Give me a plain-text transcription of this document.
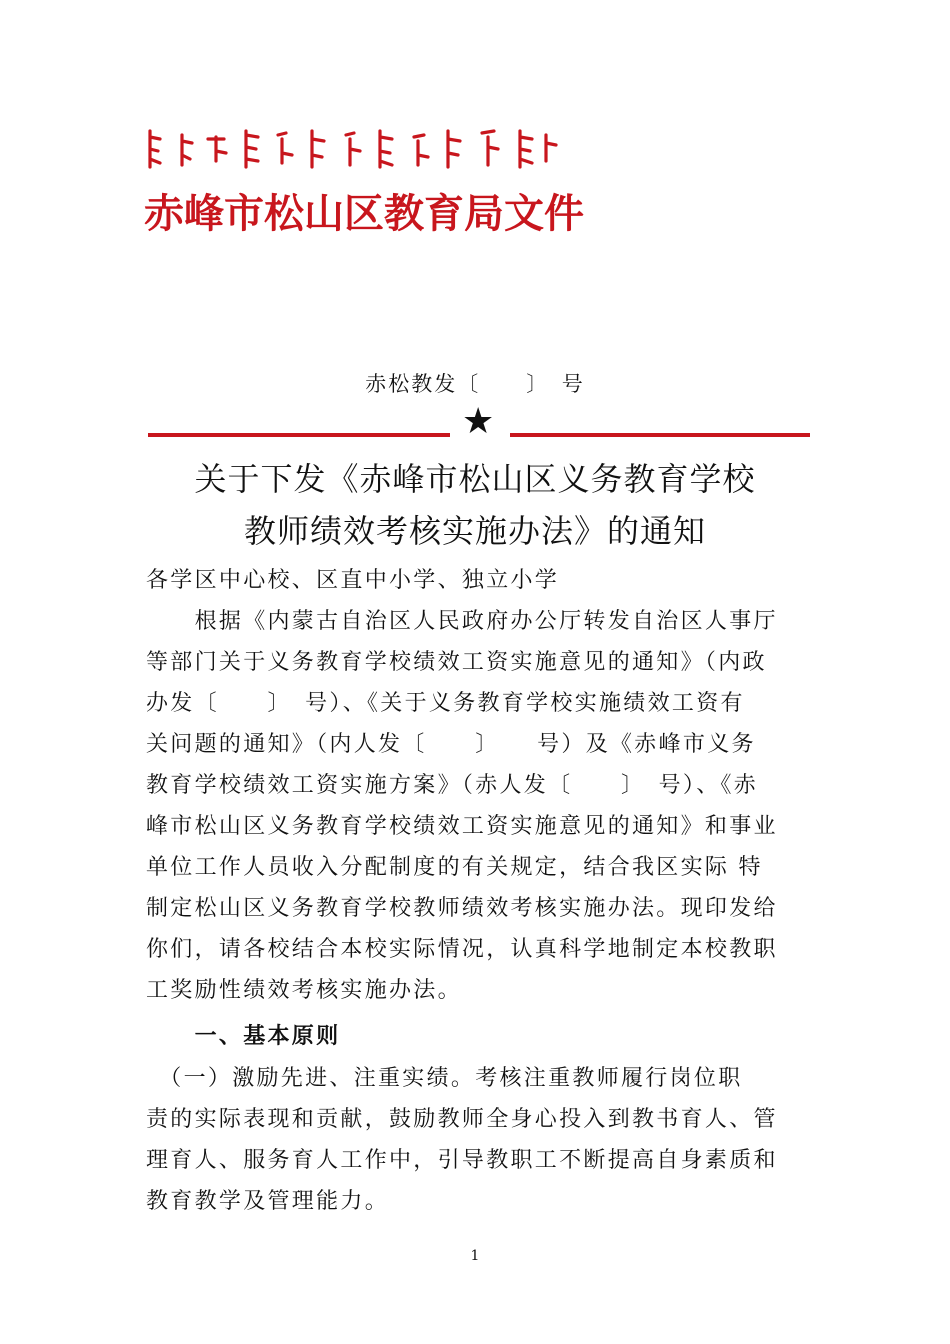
赤峰市松山区教育局文件
赤松教发〔　　〕　号
★
关于下发《赤峰市松山区义务教育学校
教师绩效考核实施办法》的通知
各学区中心校、区直中小学、独立小学
　　根据《内蒙古自治区人民政府办公厅转发自治区人事厅
等部门关于义务教育学校绩效工资实施意见的通知》（内政
办发〔　　〕　号）、《关于义务教育学校实施绩效工资有
关问题的通知》（内人发〔　　〕　　号）及《赤峰市义务
教育学校绩效工资实施方案》（赤人发〔　　〕　号）、《赤
峰市松山区义务教育学校绩效工资实施意见的通知》和事业
单位工作人员收入分配制度的有关规定，结合我区实际 特
制定松山区义务教育学校教师绩效考核实施办法。现印发给
你们，请各校结合本校实际情况，认真科学地制定本校教职
工奖励性绩效考核实施办法。
　　一、基本原则
　（一）激励先进、注重实绩。考核注重教师履行岗位职
责的实际表现和贡献，鼓励教师全身心投入到教书育人、管
理育人、服务育人工作中，引导教职工不断提高自身素质和
教育教学及管理能力。
1
